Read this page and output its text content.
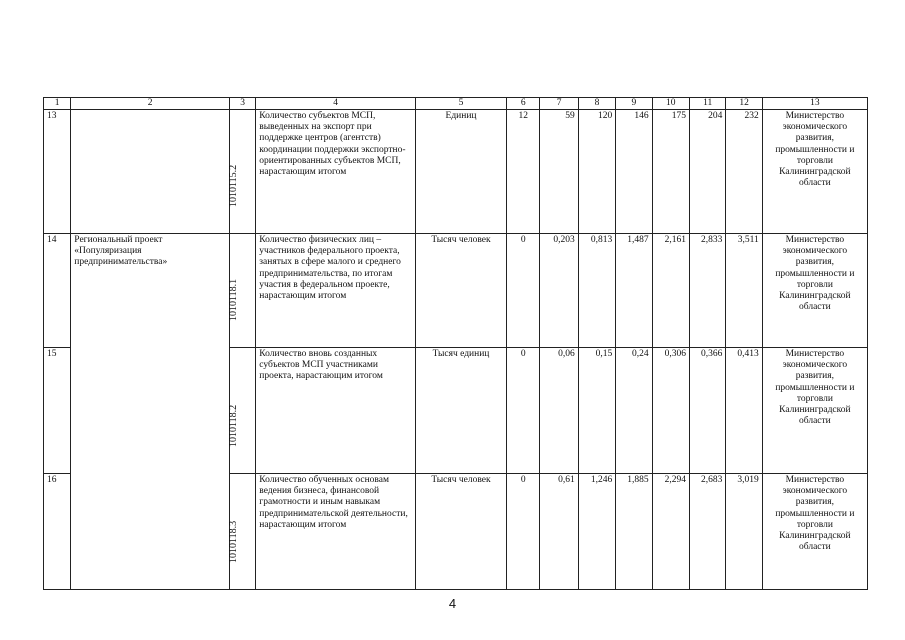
1	2	3	4	5	6	7	8	9	10	11	12	13
13		1010115.2	Количество субъектов МСП, выведенных на экспорт при поддержке центров (агентств) координации поддержки экспортно-ориентированных субъектов МСП, нарастающим итогом	Единиц	12	59	120	146	175	204	232	Министерство экономического развития, промышленности и торговли Калининградской области
14	Региональный проект «Популяризация предпринимательства»	1010118.1	Количество физических лиц – участников федерального проекта, занятых в сфере малого и среднего предпринимательства, по итогам участия в федеральном проекте, нарастающим итогом	Тысяч человек	0	0,203	0,813	1,487	2,161	2,833	3,511	Министерство экономического развития, промышленности и торговли Калининградской области
15		1010118.2	Количество вновь созданных субъектов МСП участниками проекта, нарастающим итогом	Тысяч единиц	0	0,06	0,15	0,24	0,306	0,366	0,413	Министерство экономического развития, промышленности и торговли Калининградской области
16		1010118.3	Количество обученных основам ведения бизнеса, финансовой грамотности и иным навыкам предпринимательской деятельности, нарастающим итогом	Тысяч человек	0	0,61	1,246	1,885	2,294	2,683	3,019	Министерство экономического развития, промышленности и торговли Калининградской области
4
